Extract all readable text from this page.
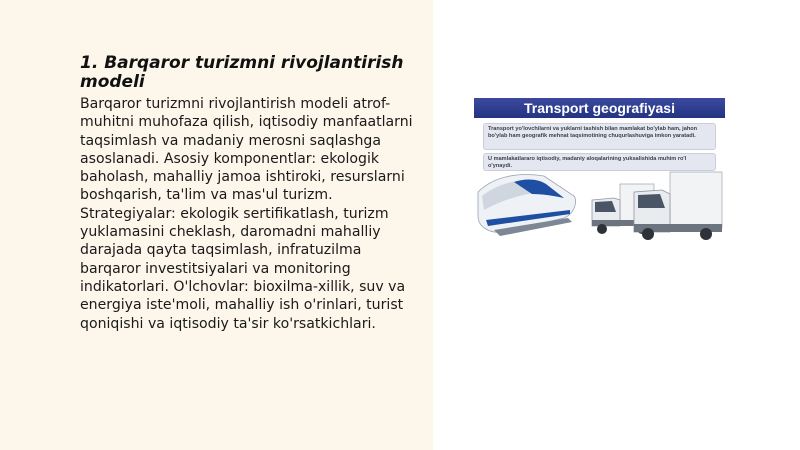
1. Barqaror turizmni rivojlantirish modeli

Barqaror turizmni rivojlantirish modeli atrof-muhitni muhofaza qilish, iqtisodiy manfaatlarni taqsimlash va madaniy merosni saqlashga asoslanadi. Asosiy komponentlar: ekologik baholash, mahalliy jamoa ishtiroki, resurslarni boshqarish, ta'lim va mas'ul turizm. Strategiyalar: ekologik sertifikatlash, turizm yuklamasini cheklash, daromadni mahalliy darajada qayta taqsimlash, infratuzilma barqaror investitsiyalari va monitoring indikatorlari. O'lchovlar: bioxilma-xillik, suv va energiya iste'moli, mahalliy ish o'rinlari, turist qoniqishi va iqtisodiy ta'sir ko'rsatkichlari.

Transport geografiyasi
Transport yo'lovchilarni va yuklarni tashish bilan mamlakat bo'ylab ham, jahon bo'ylab ham geografik mehnat taqsimotining chuqurlashuviga imkon yaratadi.
U mamlakatlararo iqtisodiy, madaniy aloqalarining yuksalishida muhim ro'l o'ynaydi.
